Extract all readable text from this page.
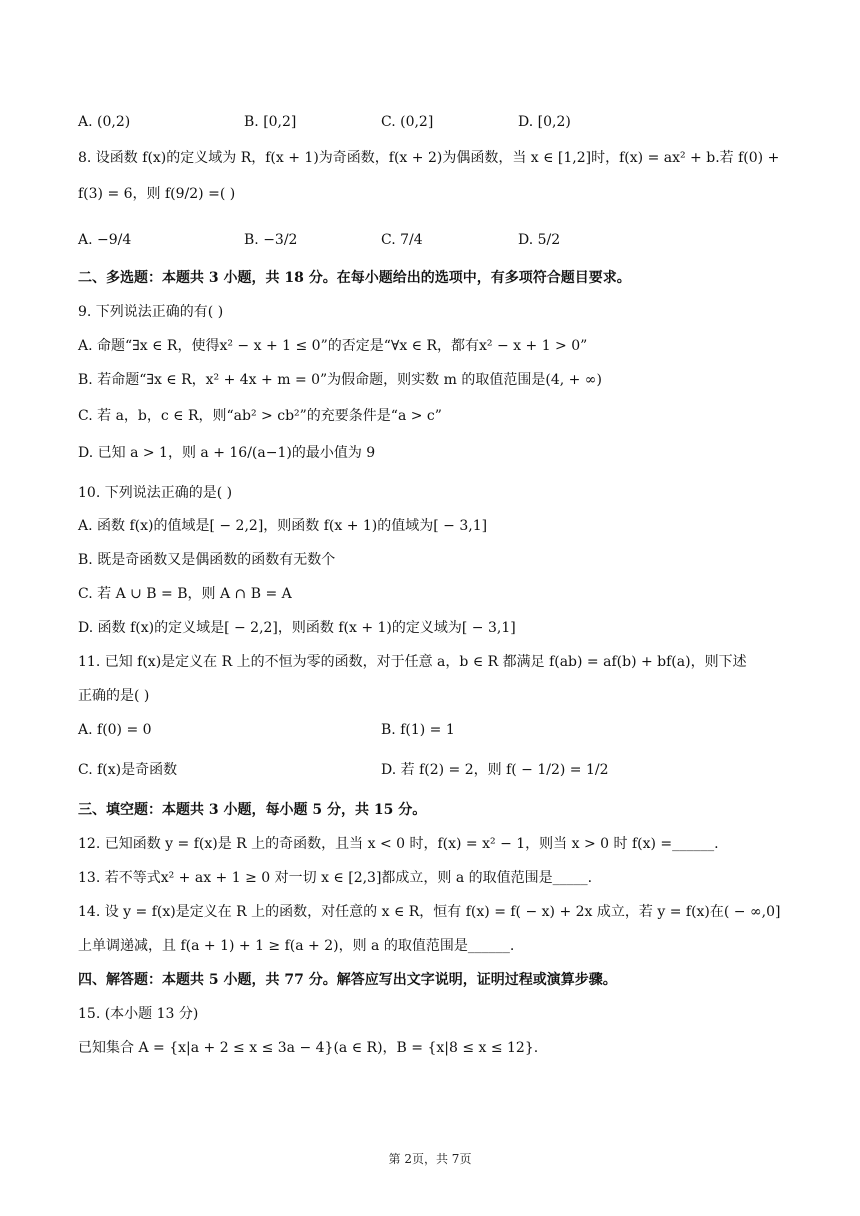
A. (0,2)	B. [0,2]	C. (0,2]	D. [0,2)
8. 设函数 f(x)的定义域为 R，f(x + 1)为奇函数，f(x + 2)为偶函数，当 x ∈ [1,2]时，f(x) = ax² + b.若 f(0) +
f(3) = 6，则 f(9/2) =( )
A. −9/4	B. −3/2	C. 7/4	D. 5/2
二、多选题：本题共 3 小题，共 18 分。在每小题给出的选项中，有多项符合题目要求。
9. 下列说法正确的有( )
A. 命题“∃x ∈ R，使得x² − x + 1 ≤ 0”的否定是“∀x ∈ R，都有x² − x + 1 > 0”
B. 若命题“∃x ∈ R，x² + 4x + m = 0”为假命题，则实数 m 的取值范围是(4, + ∞)
C. 若 a，b，c ∈ R，则“ab² > cb²”的充要条件是“a > c”
D. 已知 a > 1，则 a + 16/(a−1)的最小值为 9
10. 下列说法正确的是( )
A. 函数 f(x)的值域是[ − 2,2]，则函数 f(x + 1)的值域为[ − 3,1]
B. 既是奇函数又是偶函数的函数有无数个
C. 若 A ∪ B = B，则 A ∩ B = A
D. 函数 f(x)的定义域是[ − 2,2]，则函数 f(x + 1)的定义域为[ − 3,1]
11. 已知 f(x)是定义在 R 上的不恒为零的函数，对于任意 a，b ∈ R 都满足 f(ab) = af(b) + bf(a)，则下述
正确的是( )
A. f(0) = 0	B. f(1) = 1
C. f(x)是奇函数	D. 若 f(2) = 2，则 f( − 1/2) = 1/2
三、填空题：本题共 3 小题，每小题 5 分，共 15 分。
12. 已知函数 y = f(x)是 R 上的奇函数，且当 x < 0 时，f(x) = x² − 1，则当 x > 0 时 f(x) =______.
13. 若不等式x² + ax + 1 ≥ 0 对一切 x ∈ [2,3]都成立，则 a 的取值范围是_____.
14. 设 y = f(x)是定义在 R 上的函数，对任意的 x ∈ R，恒有 f(x) = f( − x) + 2x 成立，若 y = f(x)在( − ∞,0]
上单调递减，且 f(a + 1) + 1 ≥ f(a + 2)，则 a 的取值范围是______.
四、解答题：本题共 5 小题，共 77 分。解答应写出文字说明，证明过程或演算步骤。
15. (本小题 13 分)
已知集合 A = {x|a + 2 ≤ x ≤ 3a − 4}(a ∈ R)，B = {x|8 ≤ x ≤ 12}.
第 2页，共 7页
